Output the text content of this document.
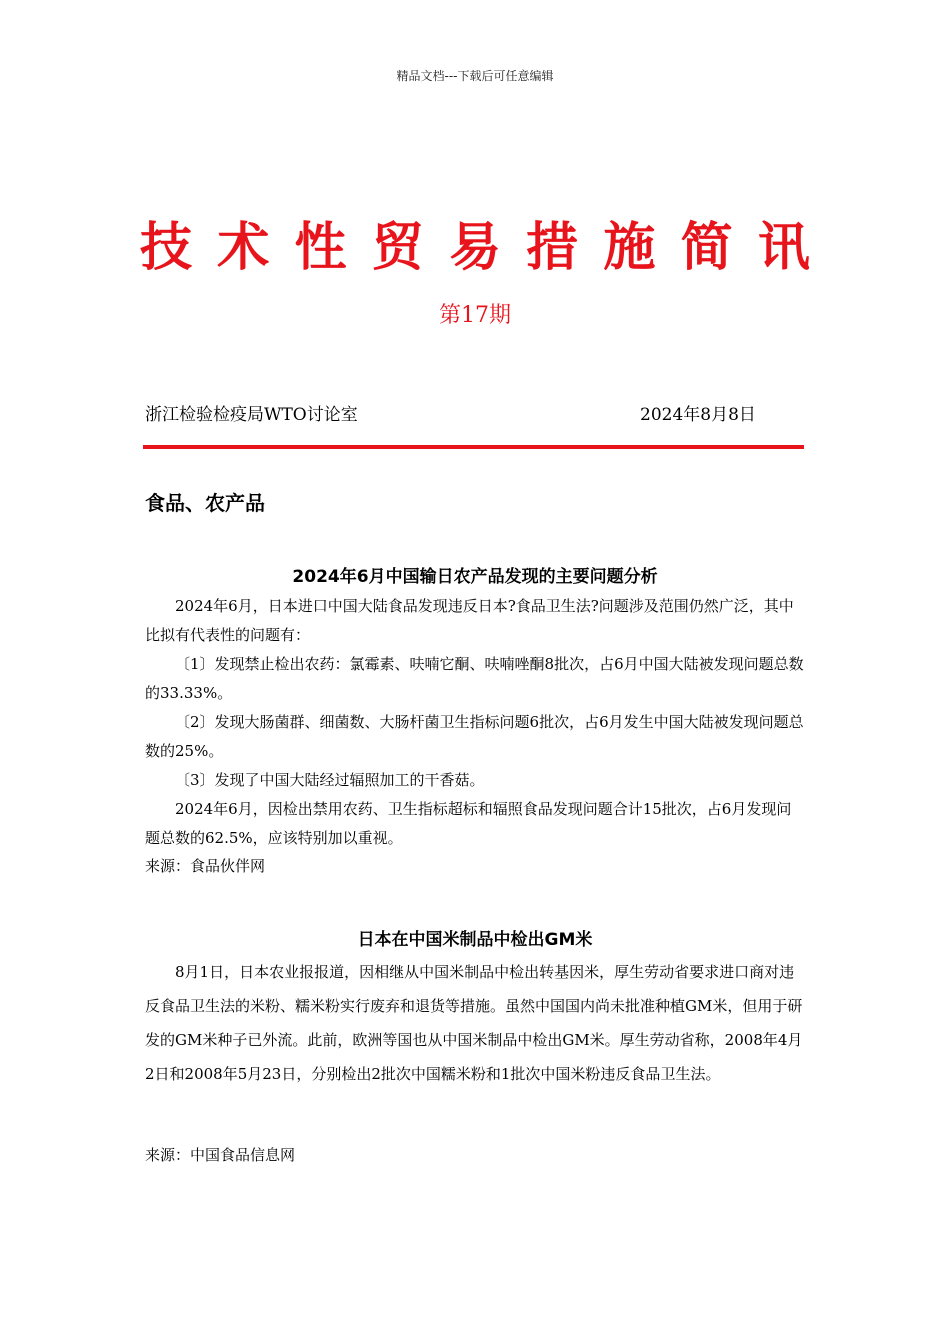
精品文档---下载后可任意编辑
技 术 性 贸 易 措 施 简 讯
第17期
浙江检验检疫局WTO讨论室	2024年8月8日
食品、农产品
2024年6月中国输日农产品发现的主要问题分析

2024年6月，日本进口中国大陆食品发现违反日本?食品卫生法?问题涉及范围仍然广泛，其中比拟有代表性的问题有：

〔1〕发现禁止检出农药：氯霉素、呋喃它酮、呋喃唑酮8批次，占6月中国大陆被发现问题总数的33.33%。

〔2〕发现大肠菌群、细菌数、大肠杆菌卫生指标问题6批次，占6月发生中国大陆被发现问题总数的25%。

〔3〕发现了中国大陆经过辐照加工的干香菇。

2024年6月，因检出禁用农药、卫生指标超标和辐照食品发现问题合计15批次，占6月发现问题总数的62.5%，应该特别加以重视。

来源：食品伙伴网
日本在中国米制品中检出GM米

8月1日，日本农业报报道，因相继从中国米制品中检出转基因米，厚生劳动省要求进口商对违反食品卫生法的米粉、糯米粉实行废弃和退货等措施。虽然中国国内尚未批准种植GM米，但用于研发的GM米种子已外流。此前，欧洲等国也从中国米制品中检出GM米。厚生劳动省称，2008年4月2日和2008年5月23日，分别检出2批次中国糯米粉和1批次中国米粉违反食品卫生法。

来源：中国食品信息网
